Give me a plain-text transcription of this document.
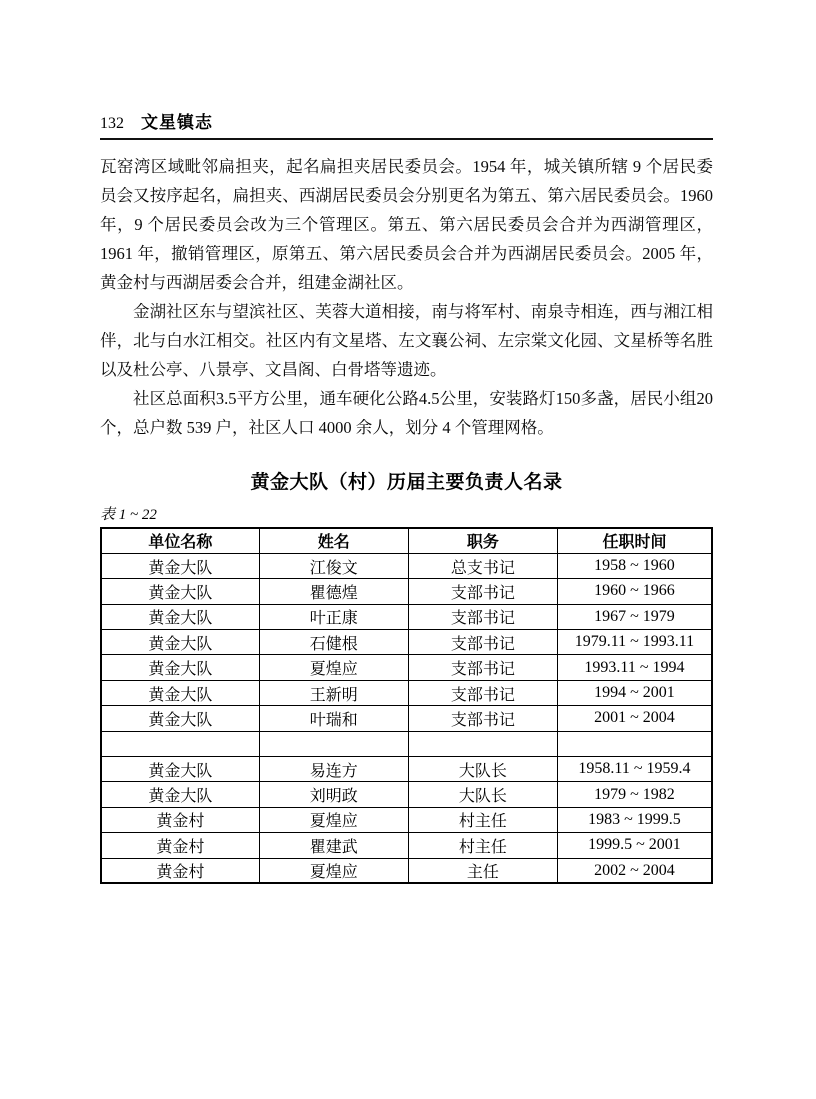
132 文星镇志

瓦窑湾区域毗邻扁担夹，起名扁担夹居民委员会。1954 年，城关镇所辖 9 个居民委员会又按序起名，扁担夹、西湖居民委员会分别更名为第五、第六居民委员会。1960 年，9 个居民委员会改为三个管理区。第五、第六居民委员会合并为西湖管理区，1961 年，撤销管理区，原第五、第六居民委员会合并为西湖居民委员会。2005 年，黄金村与西湖居委会合并，组建金湖社区。

金湖社区东与望滨社区、芙蓉大道相接，南与将军村、南泉寺相连，西与湘江相伴，北与白水江相交。社区内有文星塔、左文襄公祠、左宗棠文化园、文星桥等名胜以及杜公亭、八景亭、文昌阁、白骨塔等遗迹。

社区总面积3.5平方公里，通车硬化公路4.5公里，安装路灯150多盏，居民小组20个，总户数 539 户，社区人口 4000 余人，划分 4 个管理网格。

黄金大队（村）历届主要负责人名录
表 1 ~ 22
单位名称	姓名	职务	任职时间
黄金大队	江俊文	总支书记	1958 ~ 1960
黄金大队	瞿德煌	支部书记	1960 ~ 1966
黄金大队	叶正康	支部书记	1967 ~ 1979
黄金大队	石健根	支部书记	1979.11 ~ 1993.11
黄金大队	夏煌应	支部书记	1993.11 ~ 1994
黄金大队	王新明	支部书记	1994 ~ 2001
黄金大队	叶瑞和	支部书记	2001 ~ 2004

黄金大队	易连方	大队长	1958.11 ~ 1959.4
黄金大队	刘明政	大队长	1979 ~ 1982
黄金村	夏煌应	村主任	1983 ~ 1999.5
黄金村	瞿建武	村主任	1999.5 ~ 2001
黄金村	夏煌应	主任	2002 ~ 2004
